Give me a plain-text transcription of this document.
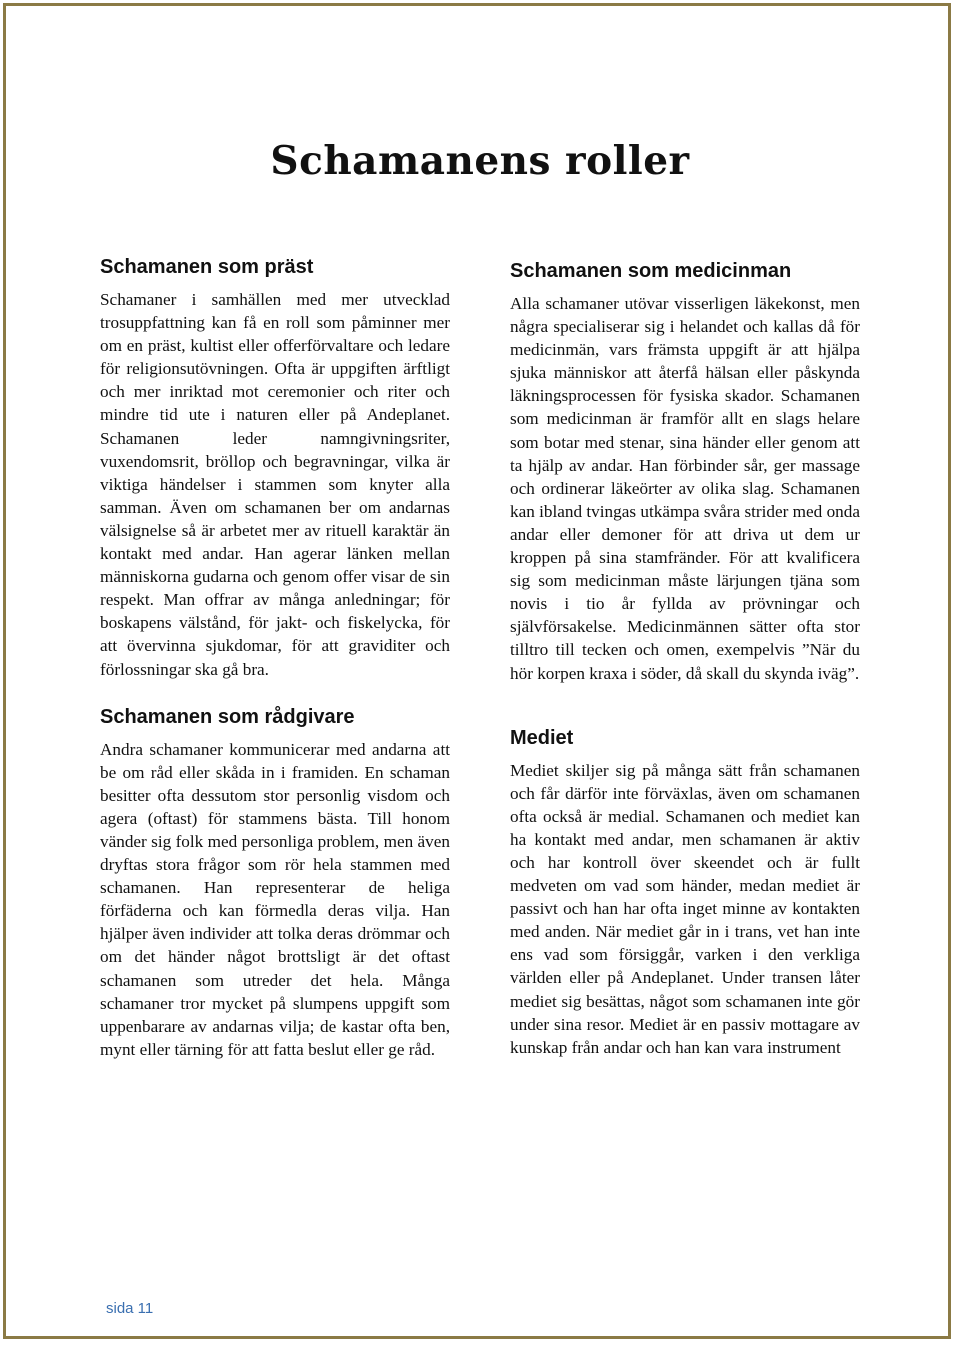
Schamanens roller
Schamanen som präst

Schamaner i samhällen med mer utvecklad trosuppfattning kan få en roll som påminner mer om en präst, kultist eller offerförvaltare och ledare för religionsutövningen. Ofta är uppgiften ärftligt och mer inriktad mot ceremonier och riter och mindre tid ute i naturen eller på Andeplanet. Schamanen leder namngivningsriter, vuxendomsrit, bröllop och begravningar, vilka är viktiga händelser i stammen som knyter alla samman. Även om schamanen ber om andarnas välsignelse så är arbetet mer av rituell karaktär än kontakt med andar. Han agerar länken mellan människorna gudarna och genom offer visar de sin respekt. Man offrar av många anledningar; för boskapens välstånd, för jakt- och fiskelycka, för att övervinna sjukdomar, för att graviditer och förlossningar ska gå bra.

Schamanen som rådgivare

Andra schamaner kommunicerar med andarna att be om råd eller skåda in i framiden. En schaman besitter ofta dessutom stor personlig visdom och agera (oftast) för stammens bästa. Till honom vänder sig folk med personliga problem, men även dryftas stora frågor som rör hela stammen med schamanen. Han representerar de heliga förfäderna och kan förmedla deras vilja. Han hjälper även individer att tolka deras drömmar och om det händer något brottsligt är det oftast schamanen som utreder det hela. Många schamaner tror mycket på slumpens uppgift som uppenbarare av andarnas vilja; de kastar ofta ben, mynt eller tärning för att fatta beslut eller ge råd.

Schamanen som medicinman

Alla schamaner utövar visserligen läkekonst, men några specialiserar sig i helandet och kallas då för medicinmän, vars främsta uppgift är att hjälpa sjuka människor att återfå hälsan eller påskynda läkningsprocessen för fysiska skador. Schamanen som medicinman är framför allt en slags helare som botar med stenar, sina händer eller genom att ta hjälp av andar. Han förbinder sår, ger massage och ordinerar läkeörter av olika slag. Schamanen kan ibland tvingas utkämpa svåra strider med onda andar eller demoner för att driva ut dem ur kroppen på sina stamfränder. För att kvalificera sig som medicinman måste lärjungen tjäna som novis i tio år fyllda av prövningar och självförsakelse. Medicinmännen sätter ofta stor tilltro till tecken och omen, exempelvis ”När du hör korpen kraxa i söder, då skall du skynda iväg”.

Mediet

Mediet skiljer sig på många sätt från schamanen och får därför inte förväxlas, även om schamanen ofta också är medial. Schamanen och mediet kan ha kontakt med andar, men schamanen är aktiv och har kontroll över skeendet och är fullt medveten om vad som händer, medan mediet är passivt och han har ofta inget minne av kontakten med anden. När mediet går in i trans, vet han inte ens vad som försiggår, varken i den verkliga världen eller på Andeplanet. Under transen låter mediet sig besättas, något som schamanen inte gör under sina resor. Mediet är en passiv mottagare av kunskap från andar och han kan vara instrument

sida 11
